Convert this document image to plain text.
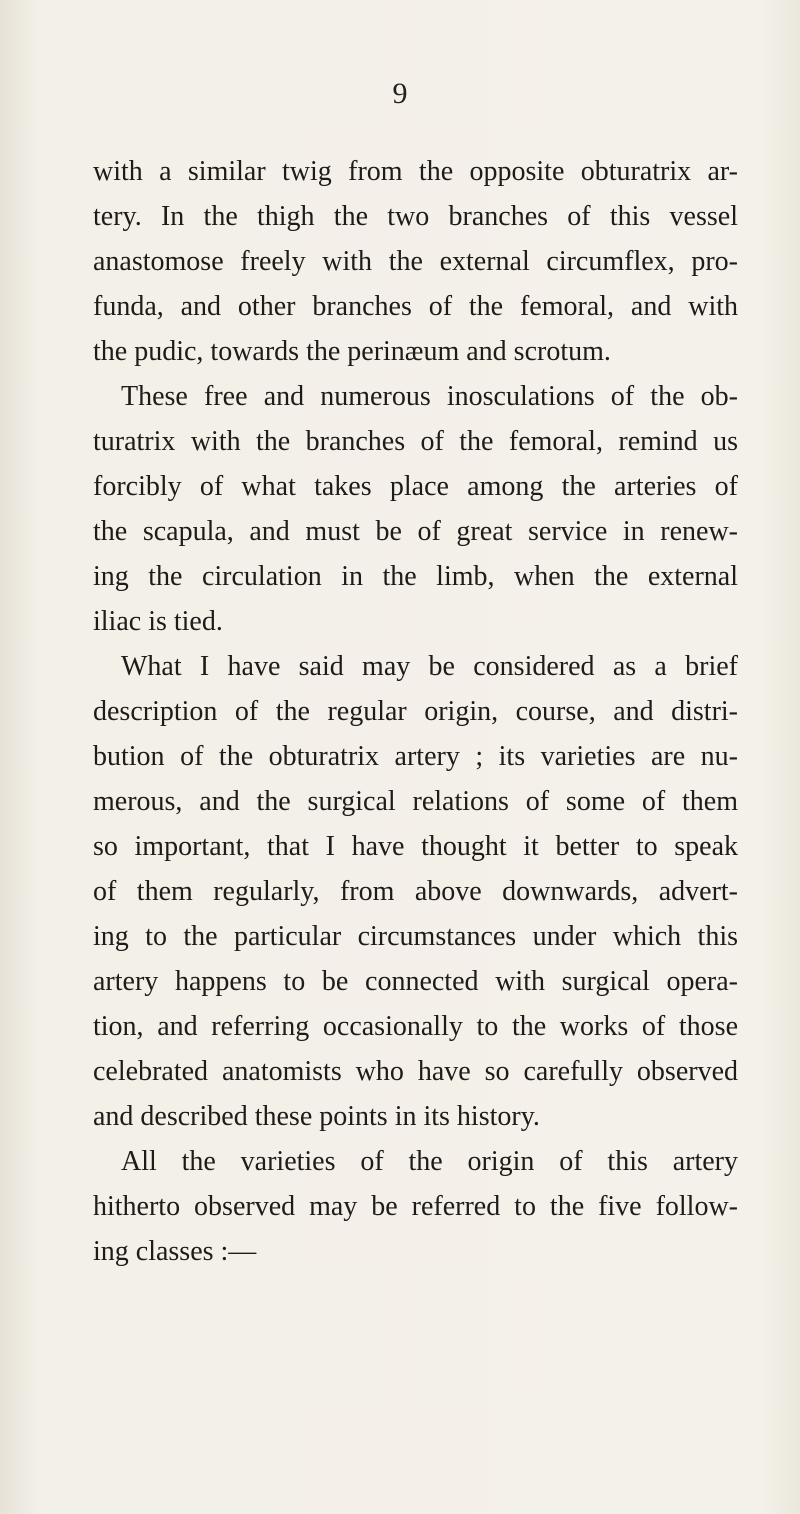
9
with a similar twig from the opposite obturatrix ar-
tery. In the thigh the two branches of this vessel
anastomose freely with the external circumflex, pro-
funda, and other branches of the femoral, and with
the pudic, towards the perinæum and scrotum.
These free and numerous inosculations of the ob-
turatrix with the branches of the femoral, remind us
forcibly of what takes place among the arteries of
the scapula, and must be of great service in renew-
ing the circulation in the limb, when the external
iliac is tied.
What I have said may be considered as a brief
description of the regular origin, course, and distri-
bution of the obturatrix artery ; its varieties are nu-
merous, and the surgical relations of some of them
so important, that I have thought it better to speak
of them regularly, from above downwards, advert-
ing to the particular circumstances under which this
artery happens to be connected with surgical opera-
tion, and referring occasionally to the works of those
celebrated anatomists who have so carefully observed
and described these points in its history.
All the varieties of the origin of this artery
hitherto observed may be referred to the five follow-
ing classes :—
